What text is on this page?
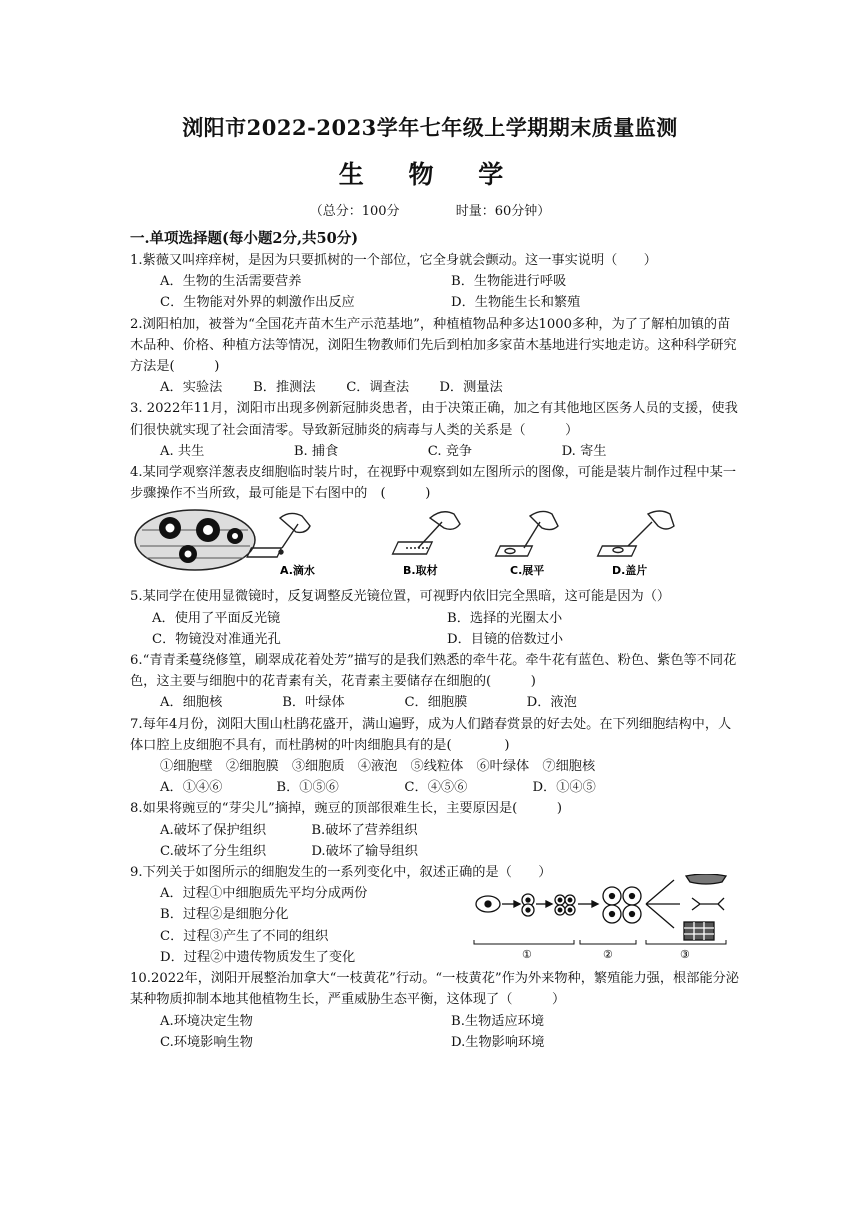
浏阳市2022-2023学年七年级上学期期末质量监测
生 物 学
（总分：100分	时量：60分钟）
一.单项选择题(每小题2分,共50分)
1.紫薇又叫痒痒树，是因为只要抓树的一个部位，它全身就会颤动。这一事实说明（　　）
A．生物的生活需要营养	B．生物能进行呼吸
C．生物能对外界的刺激作出反应	D．生物能生长和繁殖
2.浏阳柏加，被誉为“全国花卉苗木生产示范基地”，种植植物品种多达1000多种，为了了解柏加镇的苗木品种、价格、种植方法等情况，浏阳生物教师们先后到柏加多家苗木基地进行实地走访。这种科学研究方法是(　　　)
A．实验法	B．推测法	C．调查法	D．测量法
3. 2022年11月，浏阳市出现多例新冠肺炎患者，由于决策正确，加之有其他地区医务人员的支援，使我们很快就实现了社会面清零。导致新冠肺炎的病毒与人类的关系是（　　　）
A. 共生	B. 捕食	C. 竞争	D. 寄生
4.某同学观察洋葱表皮细胞临时装片时，在视野中观察到如左图所示的图像，可能是装片制作过程中某一步骤操作不当所致，最可能是下右图中的　(　　　)
A.滴水	B.取材	C.展平	D.盖片
5.某同学在使用显微镜时，反复调整反光镜位置，可视野内依旧完全黑暗，这可能是因为（）
A．使用了平面反光镜	B．选择的光圈太小
C．物镜没对准通光孔	D．目镜的倍数过小
6.“青青柔蔓绕修篁，刷翠成花着处芳”描写的是我们熟悉的牵牛花。牵牛花有蓝色、粉色、紫色等不同花色，这主要与细胞中的花青素有关，花青素主要储存在细胞的(　　　)
A．细胞核	B．叶绿体	C．细胞膜	D．液泡
7.每年4月份，浏阳大围山杜鹃花盛开，满山遍野，成为人们踏春赏景的好去处。在下列细胞结构中，人体口腔上皮细胞不具有，而杜鹃树的叶肉细胞具有的是(　　　　)
①细胞壁　②细胞膜　③细胞质　④液泡　⑤线粒体　⑥叶绿体　⑦细胞核
A．①④⑥	B．①⑤⑥	C．④⑤⑥	D．①④⑤
8.如果将豌豆的“芽尖儿”摘掉，豌豆的顶部很难生长，主要原因是(　　　)
A.破坏了保护组织	B.破坏了营养组织
C.破坏了分生组织	D.破坏了输导组织
9.下列关于如图所示的细胞发生的一系列变化中，叙述正确的是（　　）
A．过程①中细胞质先平均分成两份
B．过程②是细胞分化
C．过程③产生了不同的组织
D．过程②中遗传物质发生了变化	①	②	③
10.2022年，浏阳开展整治加拿大“一枝黄花”行动。“一枝黄花”作为外来物种，繁殖能力强，根部能分泌某种物质抑制本地其他植物生长，严重威胁生态平衡，这体现了（　　　）
A.环境决定生物	B.生物适应环境
C.环境影响生物	D.生物影响环境
